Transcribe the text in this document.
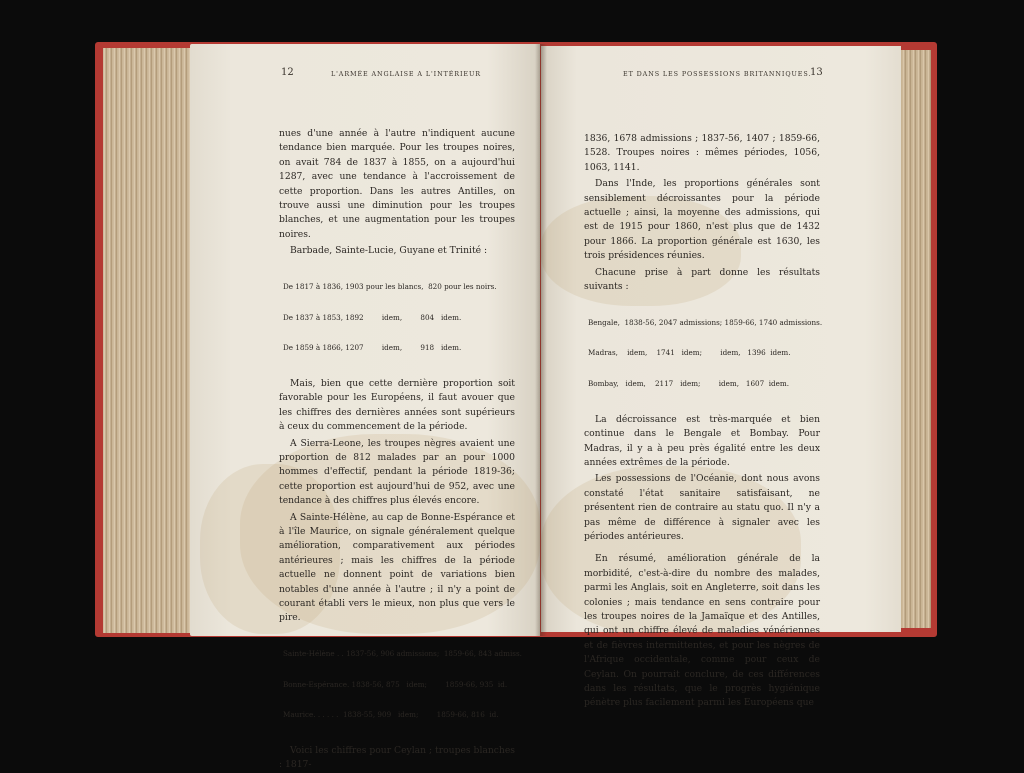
12	L'ARMÉE ANGLAISE A L'INTÉRIEUR

nues d'une année à l'autre n'indiquent aucune tendance bien marquée. Pour les troupes noires, on avait 784 de 1837 à 1855, on a aujourd'hui 1287, avec une tendance à l'accroissement de cette proportion. Dans les autres Antilles, on trouve aussi une diminution pour les troupes blanches, et une augmentation pour les troupes noires.

Barbade, Sainte-Lucie, Guyane et Trinité :

De 1817 à 1836, 1903 pour les blancs,  820 pour les noirs.

De 1837 à 1853, 1892        idem,        804   idem.

De 1859 à 1866, 1207        idem,        918   idem.

Mais, bien que cette dernière proportion soit favorable pour les Européens, il faut avouer que les chiffres des dernières années sont supérieurs à ceux du commencement de la période.

A Sierra-Leone, les troupes nègres avaient une proportion de 812 malades par an pour 1000 hommes d'effectif, pendant la période 1819-36; cette proportion est aujourd'hui de 952, avec une tendance à des chiffres plus élevés encore.

A Sainte-Hélène, au cap de Bonne-Espérance et à l'île Maurice, on signale généralement quelque amélioration, comparativement aux périodes antérieures ; mais les chiffres de la période actuelle ne donnent point de variations bien notables d'une année à l'autre ; il n'y a point de courant établi vers le mieux, non plus que vers le pire.

Sainte-Hélène . . 1837-56, 906 admissions;  1859-66, 843 admiss.

Bonne-Espérance. 1838-56, 875   idem;        1859-66, 935  id.

Maurice. . . . . .  1838-55, 909   idem;        1859-66, 816  id.

Voici les chiffres pour Ceylan ; troupes blanches : 1817-

ET DANS LES POSSESSIONS BRITANNIQUES.
13

1836, 1678 admissions ; 1837-56, 1407 ; 1859-66, 1528. Troupes noires : mêmes périodes, 1056, 1063, 1141.

Dans l'Inde, les proportions générales sont sensiblement décroissantes pour la période actuelle ; ainsi, la moyenne des admissions, qui est de 1915 pour 1860, n'est plus que de 1432 pour 1866. La proportion générale est 1630, les trois présidences réunies.

Chacune prise à part donne les résultats suivants :

Bengale,  1838-56, 2047 admissions; 1859-66, 1740 admissions.

Madras,    idem,    1741   idem;        idem,   1396  idem.

Bombay,   idem,    2117   idem;        idem,   1607  idem.

La décroissance est très-marquée et bien continue dans le Bengale et Bombay. Pour Madras, il y a à peu près égalité entre les deux années extrêmes de la période.

Les possessions de l'Océanie, dont nous avons constaté l'état sanitaire satisfaisant, ne présentent rien de contraire au statu quo. Il n'y a pas même de différence à signaler avec les périodes antérieures.

En résumé, amélioration générale de la morbidité, c'est-à-dire du nombre des malades, parmi les Anglais, soit en Angleterre, soit dans les colonies ; mais tendance en sens contraire pour les troupes noires de la Jamaïque et des Antilles, qui ont un chiffre élevé de maladies vénériennes et de fièvres intermittentes, et pour les nègres de l'Afrique occidentale, comme pour ceux de Ceylan. On pourrait conclure, de ces différences dans les résultats, que le progrès hygiénique pénètre plus facilement parmi les Européens que
